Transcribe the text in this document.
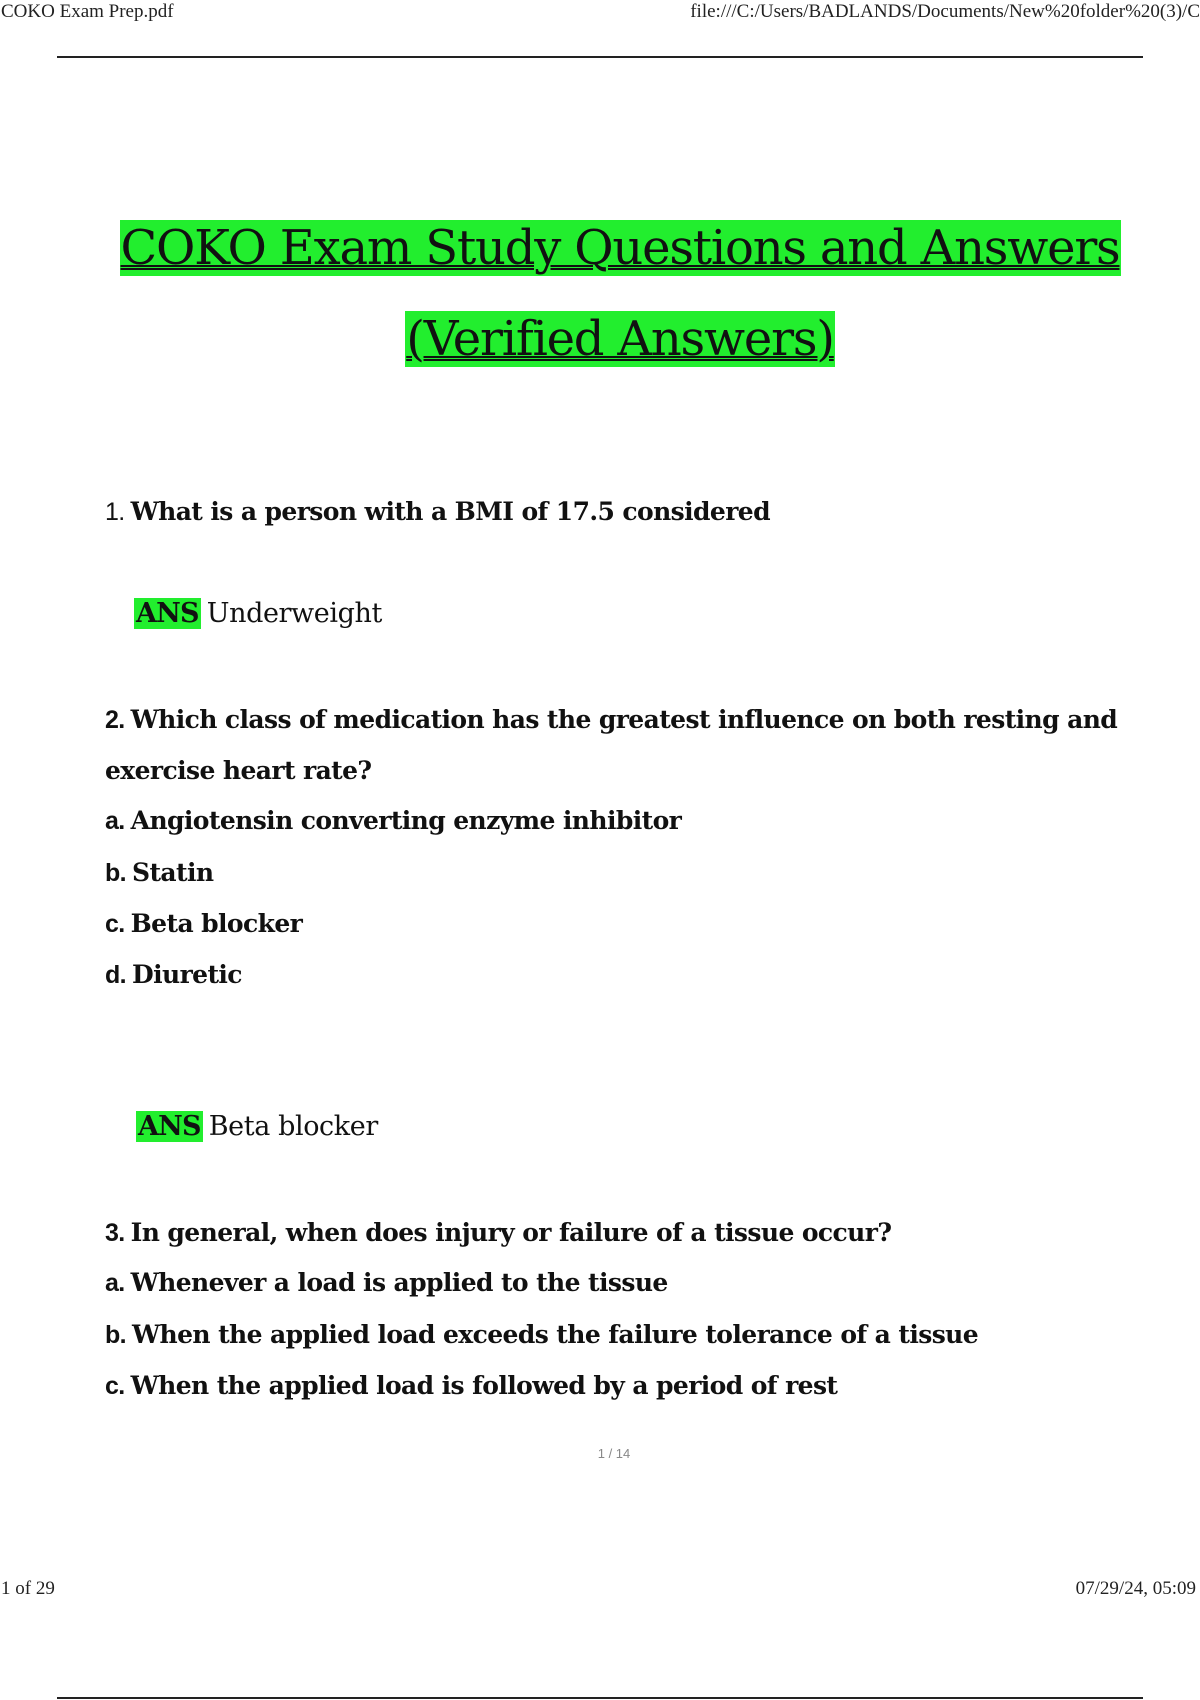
COKO Exam Prep.pdf	file:///C:/Users/BADLANDS/Documents/New%20folder%20(3)/C
COKO Exam Study Questions and Answers
(Verified Answers)
1. What is a person with a BMI of 17.5 considered
ANS Underweight
2. Which class of medication has the greatest influence on both resting and
exercise heart rate?
a. Angiotensin converting enzyme inhibitor
b. Statin
c. Beta blocker
d. Diuretic
ANS Beta blocker
3. In general, when does injury or failure of a tissue occur?
a. Whenever a load is applied to the tissue
b. When the applied load exceeds the failure tolerance of a tissue
c. When the applied load is followed by a period of rest
1 / 14
1 of 29	07/29/24, 05:09
